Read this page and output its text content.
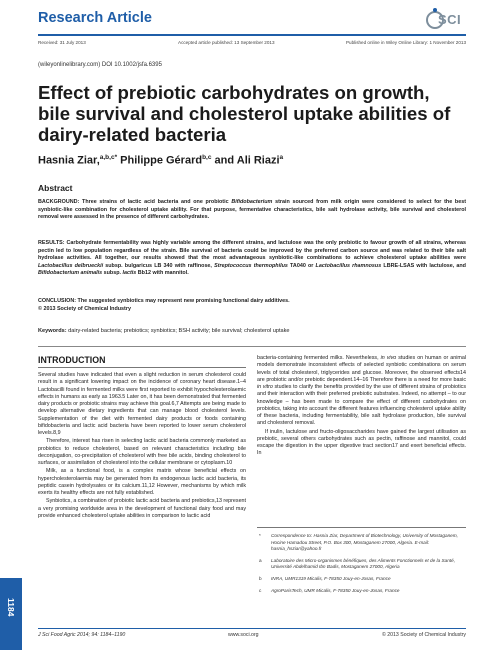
Research Article	SCI
Received: 31 July 2013	Accepted article published: 13 September 2013	Published online in Wiley Online Library: 1 November 2013
(wileyonlinelibrary.com) DOI 10.1002/jsfa.6395
Effect of prebiotic carbohydrates on growth, bile survival and cholesterol uptake abilities of dairy-related bacteria
Hasnia Ziar,$^{a,b,c*}$ Philippe Gérard$^{b,c}$ and Ali Riazi$^a$
Abstract

BACKGROUND: Three strains of lactic acid bacteria and one probiotic Bifidobacterium strain sourced from milk origin were considered to select for the best synbiotic-like combination for cholesterol uptake ability. For that purpose, fermentative characteristics, bile salt hydrolase activity, bile survival and cholesterol removal were assessed in the presence of different carbohydrates.

RESULTS: Carbohydrate fermentability was highly variable among the different strains, and lactulose was the only prebiotic to favour growth of all strains, whereas pectin led to low population regardless of the strain. Bile survival of bacteria could be improved by the preferred carbon source and was related to their bile salt hydrolase activities. All together, our results showed that the most advantageous synbiotic-like combinations to achieve cholesterol uptake abilities were Lactobacillus delbrueckii subsp. bulgaricus LB 340 with raffinose, Streptococcus thermophilus TA040 or Lactobacillus rhamnosus LBRE-LSAS with lactulose, and Bifidobacterium animalis subsp. lactis Bb12 with mannitol.

CONCLUSION: The suggested synbiotics may represent new promising functional dairy additives.
© 2013 Society of Chemical Industry

Keywords: dairy-related bacteria; prebiotics; synbiotics; BSH activity; bile survival; cholesterol uptake

INTRODUCTION

Several studies have indicated that even a slight reduction in serum cholesterol could result in a significant lowering impact on the incidence of coronary heart disease.1–4 Lactobacilli found in fermented milks were first reported to exhibit hypocholesterolaemic effects in humans as early as 1963.5 Later on, it has been demonstrated that fermented dairy products or probiotic strains may achieve this goal.6,7 Attempts are being made to develop alternative dietary ingredients that can manage blood cholesterol levels. Supplementation of the diet with fermented dairy products or foods containing bifidobacteria and lactic acid bacteria have been reported to lower serum cholesterol levels.8,9

Therefore, interest has risen in selecting lactic acid bacteria commonly marketed as probiotics to reduce cholesterol, based on relevant characteristics including bile deconjugation, co-precipitation of cholesterol with free bile acids, binding cholesterol to surfaces, or assimilation of cholesterol into the cellular membrane or cytoplasm.10

Milk, as a functional food, is a complex matrix whose beneficial effects on hypercholesterolaemia may be generated from its endogenous lactic acid bacteria, its peptidic casein hydrolysates or its calcium.11,12 However, mechanisms by which milk exerts its healthy effects are not fully established.

Synbiotics, a combination of probiotic lactic acid bacteria and prebiotics,13 represent a very promising worldwide area in the development of functional dairy food and may provide enhanced cholesterol uptake abilities in comparison to lactic acid

bacteria-containing fermented milks. Nevertheless, in vivo studies on human or animal models demonstrate inconsistent effects of selected synbiotic combinations on serum levels of total cholesterol, triglycerides and glucose. Moreover, the observed effects14 are probiotic and/or prebiotic dependent.14–16 Therefore there is a need for more basic in vitro studies to clarify the benefits provided by the use of different strains of probiotics and their interaction with their preferred prebiotic substrates. Indeed, no attempt – to our knowledge – has been made to compare the effect of different carbohydrates on probiotics, taking into account the different features influencing cholesterol uptake ability of these bacteria, including fermentability, bile salt hydrolase production, bile survival and cholesterol removal.

If inulin, lactulose and fructo-oligosaccharides have gained the largest utilisation as prebiotic, several others carbohydrates such as pectin, raffinose and mannitol, could escape the digestion in the upper digestive tract section17 and exert beneficial effects. In

* Correspondence to: Hasnia Ziar, Department of Biotechnology, University of Mostaganem, Hocine Hamadou Street, P.O. Box 300, Mostaganem 27000, Algeria. E-mail: hasnia_hsziar@yahoo.fr

a Laboratoire des Micro-organismes bénéfiques, des Aliments Fonctionnels et de la Santé, Université Abdelhamid Ibn Badis, Mostaganem 27000, Algeria

b INRA, UMR1319 Micalis, F-78350 Jouy-en-Josas, France

c AgroParisTech, UMR Micalis, F-78350 Jouy-en-Josas, France

1184
J Sci Food Agric 2014; 94: 1184–1190	www.soci.org	© 2013 Society of Chemical Industry
